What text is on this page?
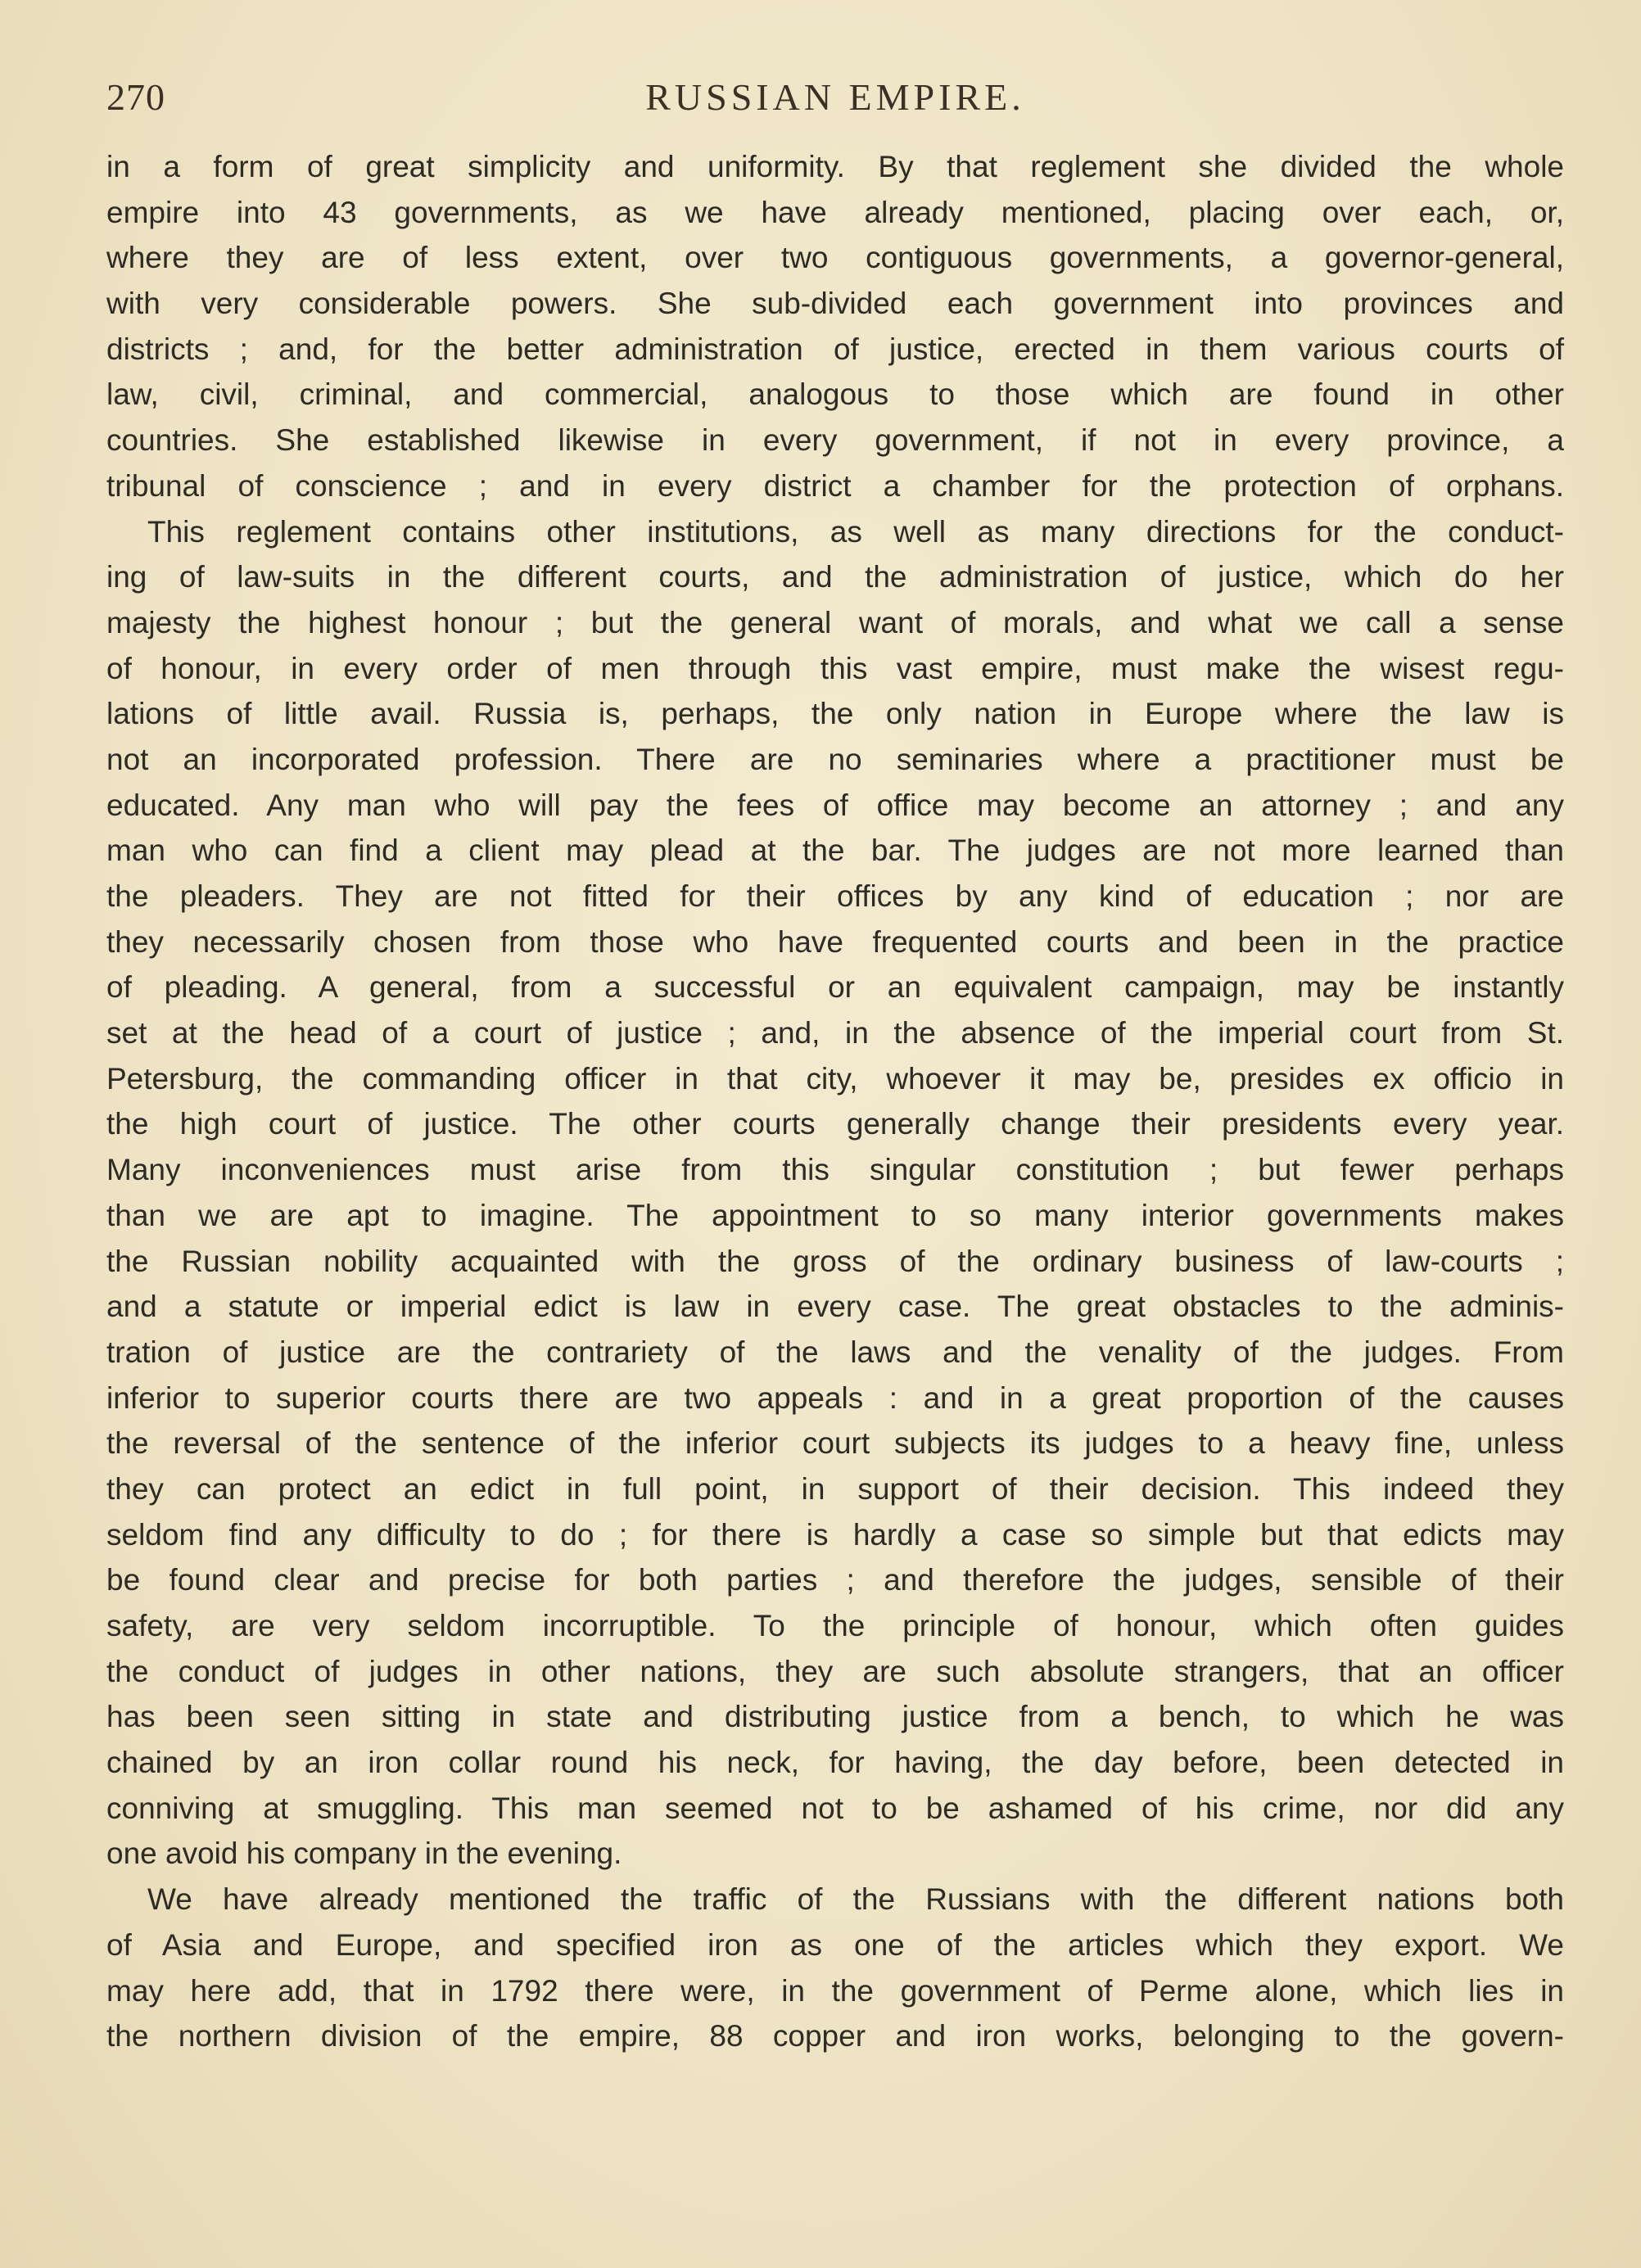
270	RUSSIAN EMPIRE.
in a form of great simplicity and uniformity. By that reglement she divided the whole
empire into 43 governments, as we have already mentioned, placing over each, or,
where they are of less extent, over two contiguous governments, a governor-general,
with very considerable powers. She sub-divided each government into provinces and
districts ; and, for the better administration of justice, erected in them various courts of
law, civil, criminal, and commercial, analogous to those which are found in other
countries. She established likewise in every government, if not in every province, a
tribunal of conscience ; and in every district a chamber for the protection of orphans.
This reglement contains other institutions, as well as many directions for the conduct-
ing of law-suits in the different courts, and the administration of justice, which do her
majesty the highest honour ; but the general want of morals, and what we call a sense
of honour, in every order of men through this vast empire, must make the wisest regu-
lations of little avail. Russia is, perhaps, the only nation in Europe where the law is
not an incorporated profession. There are no seminaries where a practitioner must be
educated. Any man who will pay the fees of office may become an attorney ; and any
man who can find a client may plead at the bar. The judges are not more learned than
the pleaders. They are not fitted for their offices by any kind of education ; nor are
they necessarily chosen from those who have frequented courts and been in the practice
of pleading. A general, from a successful or an equivalent campaign, may be instantly
set at the head of a court of justice ; and, in the absence of the imperial court from St.
Petersburg, the commanding officer in that city, whoever it may be, presides ex officio in
the high court of justice. The other courts generally change their presidents every year.
Many inconveniences must arise from this singular constitution ; but fewer perhaps
than we are apt to imagine. The appointment to so many interior governments makes
the Russian nobility acquainted with the gross of the ordinary business of law-courts ;
and a statute or imperial edict is law in every case. The great obstacles to the adminis-
tration of justice are the contrariety of the laws and the venality of the judges. From
inferior to superior courts there are two appeals : and in a great proportion of the causes
the reversal of the sentence of the inferior court subjects its judges to a heavy fine, unless
they can protect an edict in full point, in support of their decision. This indeed they
seldom find any difficulty to do ; for there is hardly a case so simple but that edicts may
be found clear and precise for both parties ; and therefore the judges, sensible of their
safety, are very seldom incorruptible. To the principle of honour, which often guides
the conduct of judges in other nations, they are such absolute strangers, that an officer
has been seen sitting in state and distributing justice from a bench, to which he was
chained by an iron collar round his neck, for having, the day before, been detected in
conniving at smuggling. This man seemed not to be ashamed of his crime, nor did any
one avoid his company in the evening.
We have already mentioned the traffic of the Russians with the different nations both
of Asia and Europe, and specified iron as one of the articles which they export. We
may here add, that in 1792 there were, in the government of Perme alone, which lies in
the northern division of the empire, 88 copper and iron works, belonging to the govern-
